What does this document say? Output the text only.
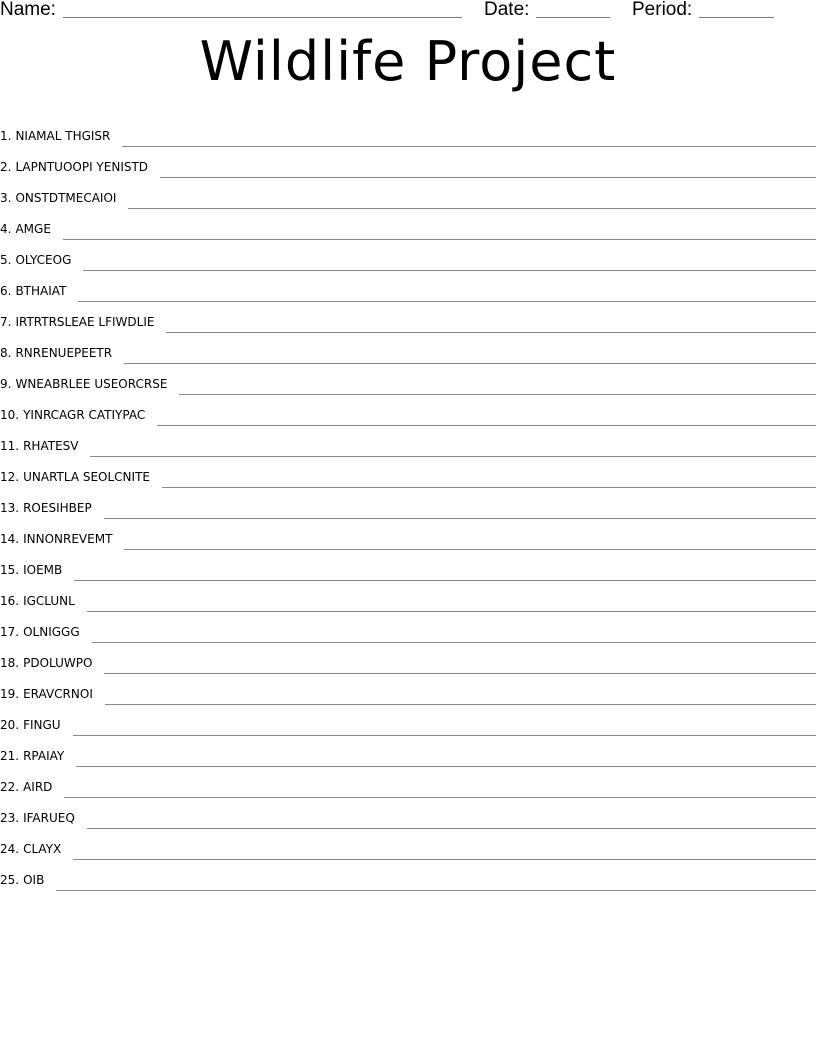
Name:	Date:	Period:
Wildlife Project
1. NIAMAL THGISR
2. LAPNTUOOPI YENISTD
3. ONSTDTMECAIOI
4. AMGE
5. OLYCEOG
6. BTHAIAT
7. IRTRTRSLEAE LFIWDLIE
8. RNRENUEPEETR
9. WNEABRLEE USEORCRSE
10. YINRCAGR CATIYPAC
11. RHATESV
12. UNARTLA SEOLCNITE
13. ROESIHBEP
14. INNONREVEMT
15. IOEMB
16. IGCLUNL
17. OLNIGGG
18. PDOLUWPO
19. ERAVCRNOI
20. FINGU
21. RPAIAY
22. AIRD
23. IFARUEQ
24. CLAYX
25. OIB
